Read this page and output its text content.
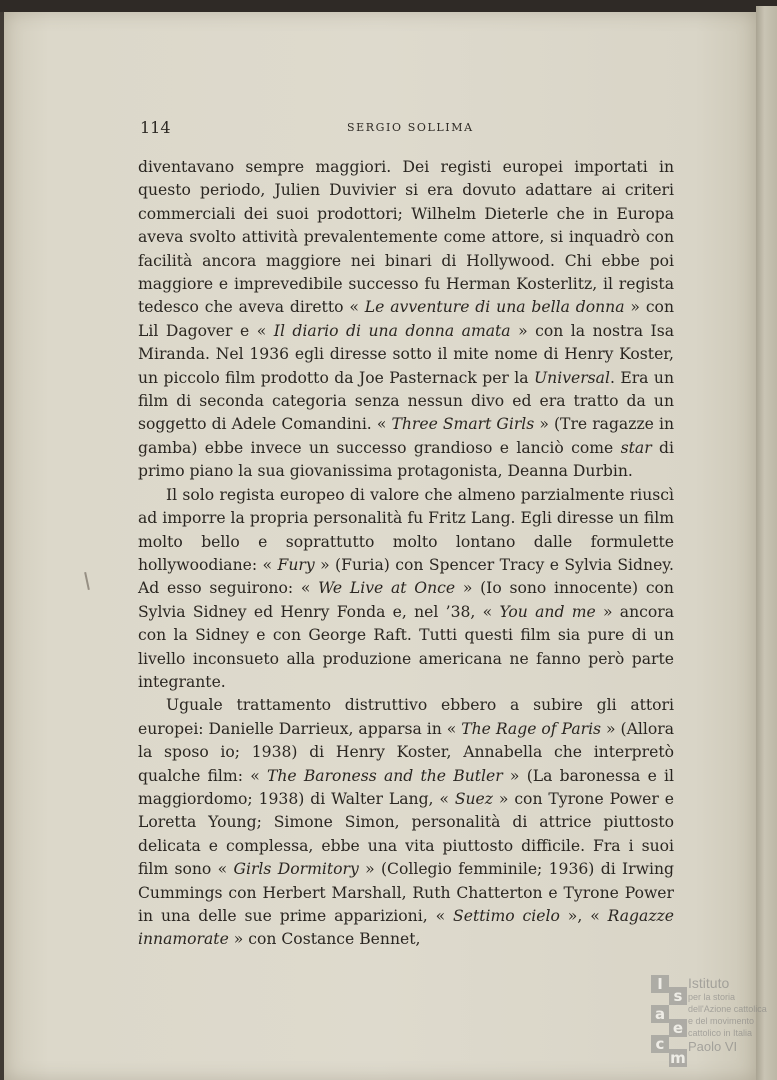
114	SERGIO SOLLIMA

diventavano sempre maggiori. Dei registi europei importati in questo periodo, Julien Duvivier si era dovuto adattare ai criteri commerciali dei suoi prodottori; Wilhelm Dieterle che in Europa aveva svolto attività prevalentemente come attore, si inquadrò con facilità ancora maggiore nei binari di Hollywood. Chi ebbe poi maggiore e imprevedibile successo fu Herman Kosterlitz, il regista tedesco che aveva diretto « Le avventure di una bella donna » con Lil Dagover e « Il diario di una donna amata » con la nostra Isa Miranda. Nel 1936 egli diresse sotto il mite nome di Henry Koster, un piccolo film prodotto da Joe Pasternack per la Universal. Era un film di seconda categoria senza nessun divo ed era tratto da un soggetto di Adele Comandini. « Three Smart Girls » (Tre ragazze in gamba) ebbe invece un successo grandioso e lanciò come star di primo piano la sua giovanissima protagonista, Deanna Durbin.

Il solo regista europeo di valore che almeno parzialmente riuscì ad imporre la propria personalità fu Fritz Lang. Egli diresse un film molto bello e soprattutto molto lontano dalle formulette hollywoodiane: « Fury » (Furia) con Spencer Tracy e Sylvia Sidney. Ad esso seguirono: « We Live at Once » (Io sono innocente) con Sylvia Sidney ed Henry Fonda e, nel ’38, « You and me » ancora con la Sidney e con George Raft. Tutti questi film sia pure di un livello inconsueto alla produzione americana ne fanno però parte integrante.

Uguale trattamento distruttivo ebbero a subire gli attori europei: Danielle Darrieux, apparsa in « The Rage of Paris » (Allora la sposo io; 1938) di Henry Koster, Annabella che interpretò qualche film: « The Baroness and the Butler » (La baronessa e il maggiordomo; 1938) di Walter Lang, « Suez » con Tyrone Power e Loretta Young; Simone Simon, personalità di attrice piuttosto delicata e complessa, ebbe una vita piuttosto difficile. Fra i suoi film sono « Girls Dormitory » (Collegio femminile; 1936) di Irwing Cummings con Herbert Marshall, Ruth Chatterton e Tyrone Power in una delle sue prime apparizioni, « Settimo cielo », « Ragazze innamorate » con Costance Bennet,

I
s
a
e
c
m
Istituto
per la storia
dell'Azione cattolica
e del movimento
cattolico in Italia
Paolo VI
